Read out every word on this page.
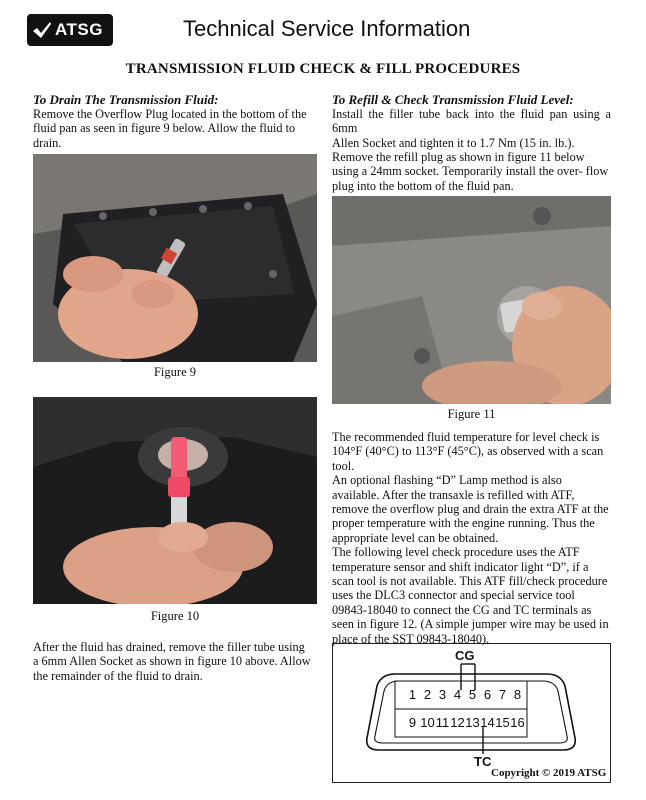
ATSG	Technical Service Information
TRANSMISSION FLUID CHECK & FILL PROCEDURES
To Drain The Transmission Fluid:
Remove the Overflow Plug located in the bottom of the
fluid pan as seen in figure 9 below. Allow the fluid to
drain.
Figure 9
Figure 10
After the fluid has drained, remove the filler tube using
a 6mm Allen Socket as shown in figure 10 above. Allow
the remainder of the fluid to drain.
To Refill & Check Transmission Fluid Level:
Install the filler tube back into the fluid pan using a 6mm
Allen Socket and tighten it to 1.7 Nm (15 in. lb.).
Remove the refill plug as shown in figure 11 below
using a 24mm socket. Temporarily install the over- flow
plug into the bottom of the fluid pan.
Figure 11
The recommended fluid temperature for level check is
104°F (40°C) to 113°F (45°C), as observed with a scan
tool.
An optional flashing “D” Lamp method is also
available. After the transaxle is refilled with ATF,
remove the overflow plug and drain the extra ATF at the
proper temperature with the engine running. Thus the
appropriate level can be obtained.
The following level check procedure uses the ATF
temperature sensor and shift indicator light “D”, if a
scan tool is not available. This ATF fill/check procedure
uses the DLC3 connector and special service tool
09843-18040 to connect the CG and TC terminals as
seen in figure 12. (A simple jumper wire may be used in
place of the SST 09843-18040).
CG
1 2 3 4 5 6 7 8
9 10 11 12 13 14 15 16
TC
Copyright © 2019 ATSG
